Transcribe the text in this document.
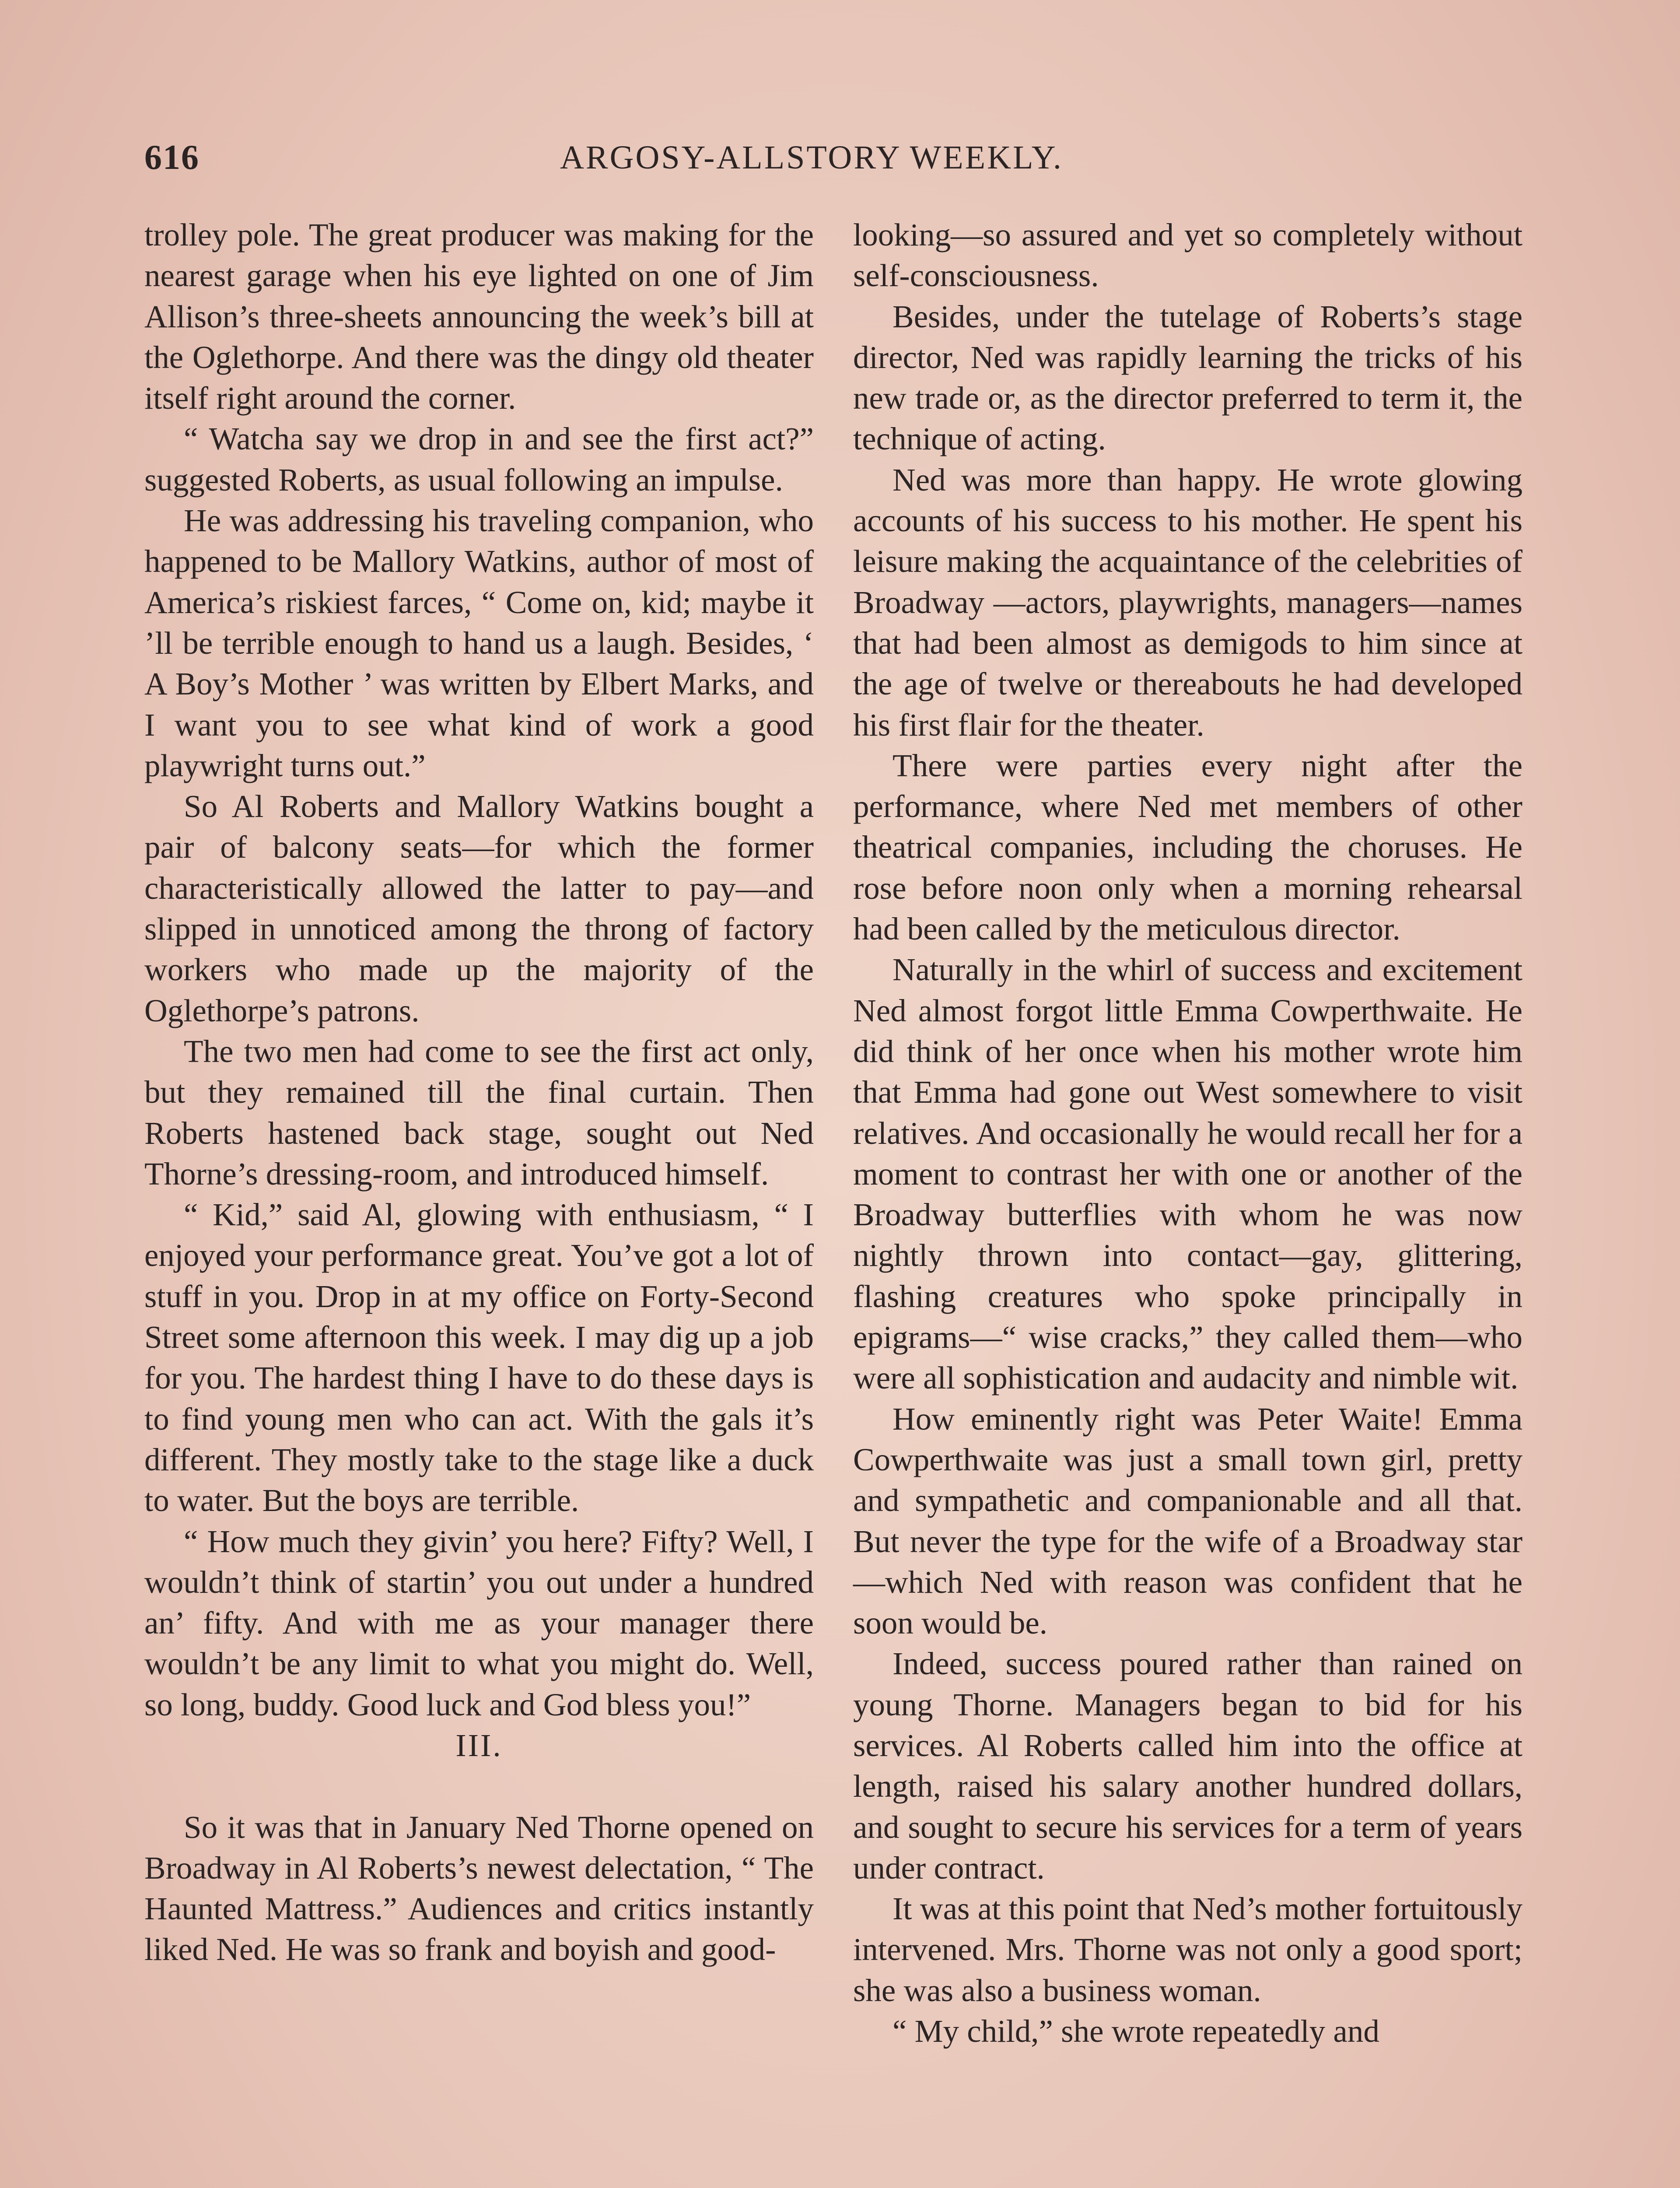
616	ARGOSY-ALLSTORY WEEKLY.

trolley pole. The great producer was making for the nearest garage when his eye lighted on one of Jim Allison’s three-sheets announcing the week’s bill at the Oglethorpe. And there was the dingy old theater itself right around the corner.

“ Watcha say we drop in and see the first act?” suggested Roberts, as usual following an impulse.

He was addressing his traveling companion, who happened to be Mallory Watkins, author of most of America’s riskiest farces, “ Come on, kid; maybe it ’ll be terrible enough to hand us a laugh. Besides, ‘ A Boy’s Mother ’ was written by Elbert Marks, and I want you to see what kind of work a good playwright turns out.”

So Al Roberts and Mallory Watkins bought a pair of balcony seats—for which the former characteristically allowed the latter to pay—and slipped in unnoticed among the throng of factory workers who made up the majority of the Oglethorpe’s patrons.

The two men had come to see the first act only, but they remained till the final curtain. Then Roberts hastened back stage, sought out Ned Thorne’s dressing-room, and introduced himself.

“ Kid,” said Al, glowing with enthusiasm, “ I enjoyed your performance great. You’ve got a lot of stuff in you. Drop in at my office on Forty-Second Street some afternoon this week. I may dig up a job for you. The hardest thing I have to do these days is to find young men who can act. With the gals it’s different. They mostly take to the stage like a duck to water. But the boys are terrible.

“ How much they givin’ you here? Fifty? Well, I wouldn’t think of startin’ you out under a hundred an’ fifty. And with me as your manager there wouldn’t be any limit to what you might do. Well, so long, buddy. Good luck and God bless you!”

III.

So it was that in January Ned Thorne opened on Broadway in Al Roberts’s newest delectation, “ The Haunted Mattress.” Audiences and critics instantly liked Ned. He was so frank and boyish and good-

looking—so assured and yet so completely without self-consciousness.

Besides, under the tutelage of Roberts’s stage director, Ned was rapidly learning the tricks of his new trade or, as the director preferred to term it, the technique of acting.

Ned was more than happy. He wrote glowing accounts of his success to his mother. He spent his leisure making the acquaintance of the celebrities of Broadway —actors, playwrights, managers—names that had been almost as demigods to him since at the age of twelve or thereabouts he had developed his first flair for the theater.

There were parties every night after the performance, where Ned met members of other theatrical companies, including the choruses. He rose before noon only when a morning rehearsal had been called by the meticulous director.

Naturally in the whirl of success and excitement Ned almost forgot little Emma Cowperthwaite. He did think of her once when his mother wrote him that Emma had gone out West somewhere to visit relatives. And occasionally he would recall her for a moment to contrast her with one or another of the Broadway butterflies with whom he was now nightly thrown into contact—gay, glittering, flashing creatures who spoke principally in epigrams—“ wise cracks,” they called them—who were all sophistication and audacity and nimble wit.

How eminently right was Peter Waite! Emma Cowperthwaite was just a small town girl, pretty and sympathetic and companionable and all that. But never the type for the wife of a Broadway star—which Ned with reason was confident that he soon would be.

Indeed, success poured rather than rained on young Thorne. Managers began to bid for his services. Al Roberts called him into the office at length, raised his salary another hundred dollars, and sought to secure his services for a term of years under contract.

It was at this point that Ned’s mother fortuitously intervened. Mrs. Thorne was not only a good sport; she was also a business woman.

“ My child,” she wrote repeatedly and
